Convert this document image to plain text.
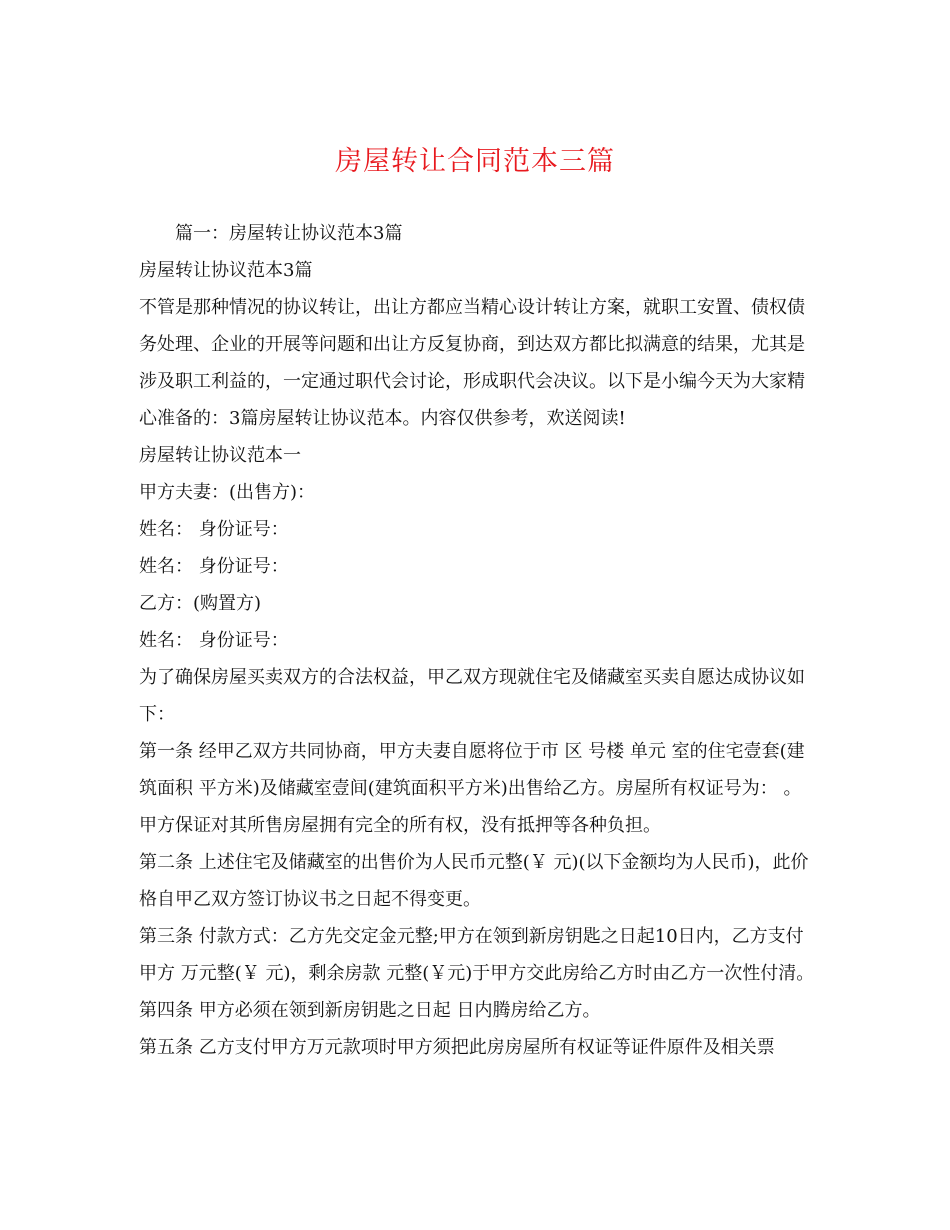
房屋转让合同范本三篇

篇一：房屋转让协议范本3篇

房屋转让协议范本3篇

不管是那种情况的协议转让，出让方都应当精心设计转让方案，就职工安置、债权债务处理、企业的开展等问题和出让方反复协商，到达双方都比拟满意的结果，尤其是涉及职工利益的，一定通过职代会讨论，形成职代会决议。以下是小编今天为大家精心准备的：3篇房屋转让协议范本。内容仅供参考，欢送阅读!

房屋转让协议范本一

甲方夫妻：(出售方)：

姓名： 身份证号：

姓名： 身份证号：

乙方：(购置方)

姓名： 身份证号：

为了确保房屋买卖双方的合法权益，甲乙双方现就住宅及储藏室买卖自愿达成协议如下：

第一条 经甲乙双方共同协商，甲方夫妻自愿将位于市 区 号楼 单元 室的住宅壹套(建筑面积 平方米)及储藏室壹间(建筑面积平方米)出售给乙方。房屋所有权证号为： 。甲方保证对其所售房屋拥有完全的所有权，没有抵押等各种负担。

第二条 上述住宅及储藏室的出售价为人民币元整(￥ 元)(以下金额均为人民币)，此价格自甲乙双方签订协议书之日起不得变更。

第三条 付款方式：乙方先交定金元整;甲方在领到新房钥匙之日起10日内，乙方支付甲方 万元整(￥ 元)，剩余房款 元整(￥元)于甲方交此房给乙方时由乙方一次性付清。

第四条 甲方必须在领到新房钥匙之日起 日内腾房给乙方。

第五条 乙方支付甲方万元款项时甲方须把此房房屋所有权证等证件原件及相关票
